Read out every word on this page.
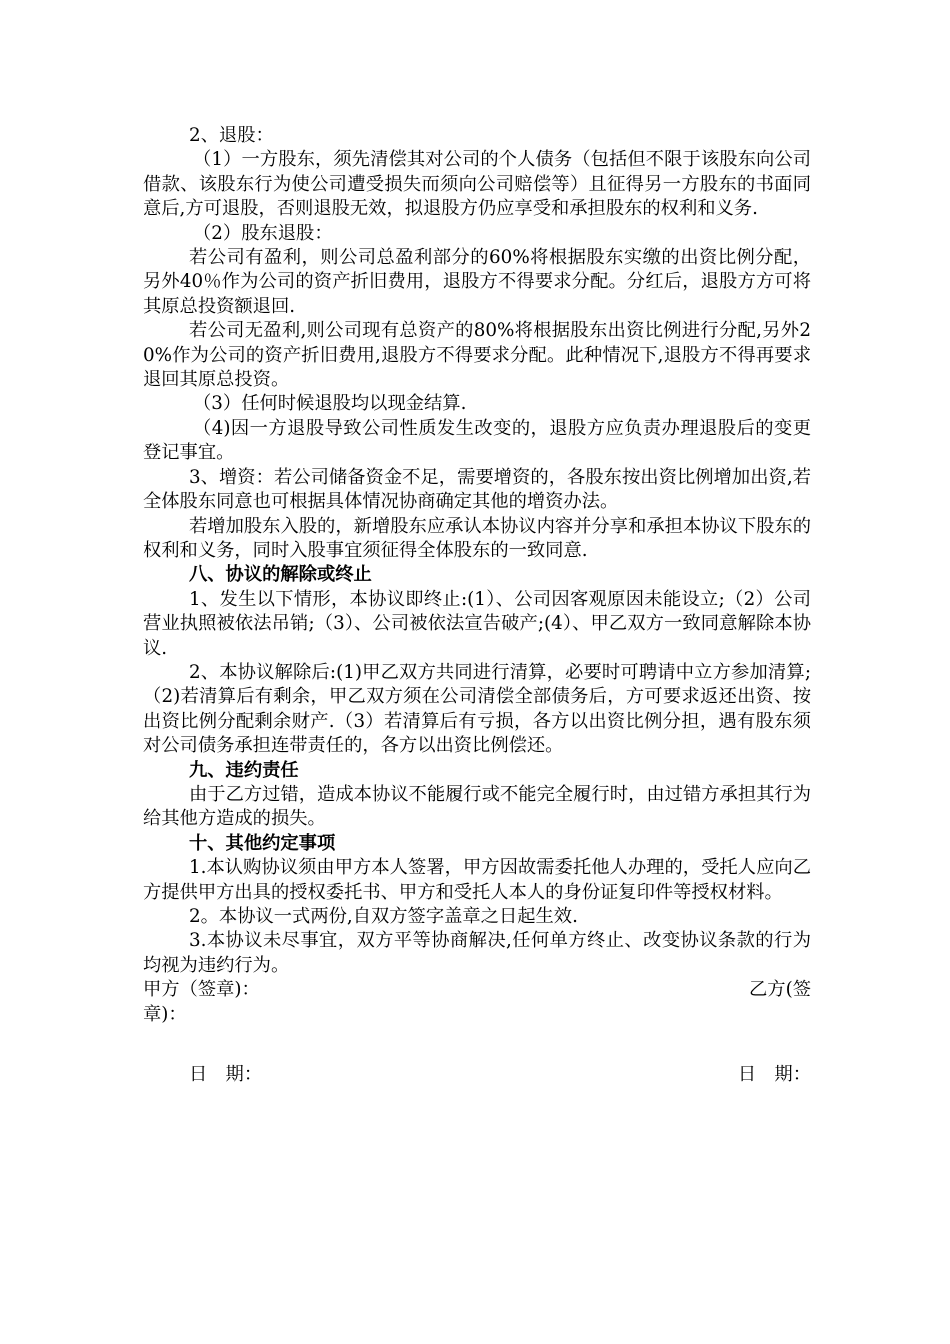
2、退股：

（1）一方股东，须先清偿其对公司的个人债务（包括但不限于该股东向公司借款、该股东行为使公司遭受损失而须向公司赔偿等）且征得另一方股东的书面同意后,方可退股，否则退股无效，拟退股方仍应享受和承担股东的权利和义务.

（2）股东退股：

若公司有盈利，则公司总盈利部分的60%将根据股东实缴的出资比例分配，另外40％作为公司的资产折旧费用，退股方不得要求分配。分红后，退股方方可将其原总投资额退回.

若公司无盈利,则公司现有总资产的80%将根据股东出资比例进行分配,另外20%作为公司的资产折旧费用,退股方不得要求分配。此种情况下,退股方不得再要求退回其原总投资。

（3）任何时候退股均以现金结算.

（4)因一方退股导致公司性质发生改变的，退股方应负责办理退股后的变更登记事宜。

3、增资：若公司储备资金不足，需要增资的，各股东按出资比例增加出资,若全体股东同意也可根据具体情况协商确定其他的增资办法。

若增加股东入股的，新增股东应承认本协议内容并分享和承担本协议下股东的权利和义务，同时入股事宜须征得全体股东的一致同意.

八、协议的解除或终止

1、发生以下情形，本协议即终止:(1）、公司因客观原因未能设立;（2）公司营业执照被依法吊销;（3）、公司被依法宣告破产;(4）、甲乙双方一致同意解除本协议.

2、本协议解除后:(1)甲乙双方共同进行清算，必要时可聘请中立方参加清算;（2)若清算后有剩余，甲乙双方须在公司清偿全部债务后，方可要求返还出资、按出资比例分配剩余财产.（3）若清算后有亏损，各方以出资比例分担，遇有股东须对公司债务承担连带责任的，各方以出资比例偿还。

九、违约责任

由于乙方过错，造成本协议不能履行或不能完全履行时，由过错方承担其行为给其他方造成的损失。

十、其他约定事项

1.本认购协议须由甲方本人签署，甲方因故需委托他人办理的，受托人应向乙方提供甲方出具的授权委托书、甲方和受托人本人的身份证复印件等授权材料。

2。本协议一式两份,自双方签字盖章之日起生效.

3.本协议未尽事宜，双方平等协商解决,任何单方终止、改变协议条款的行为均视为违约行为。

甲方（签章)：	乙方(签

章)：

日　期：	日　期：
